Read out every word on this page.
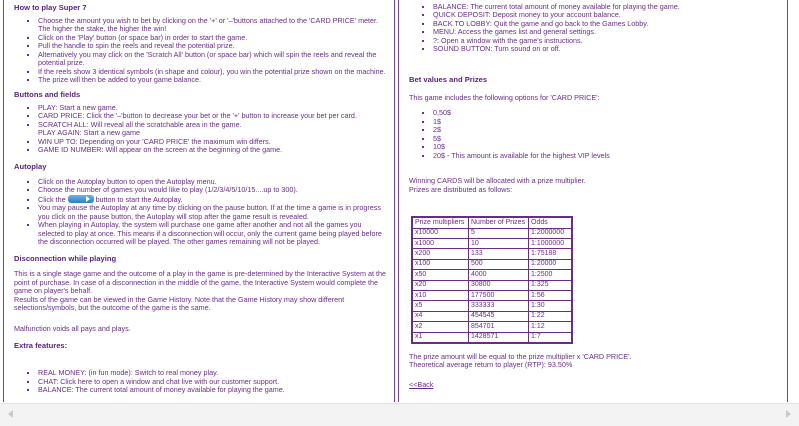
How to play Super 7
▪ Choose the amount you wish to bet by clicking on the '+' or '–'buttons attached to the 'CARD PRICE' meter.
The higher the stake, the higher the win!
▪ Click on the 'Play' button (or space bar) in order to start the game.
▪ Pull the handle to spin the reels and reveal the potential prize.
▪ Alternatively you may click on the 'Scratch All' button (or space bar) which will spin the reels and reveal the potential prize.
▪ If the reels show 3 identical symbols (in shape and colour), you win the potential prize shown on the machine.
▪ The prize will then be added to your game balance.
Buttons and fields
▪ PLAY: Start a new game.
▪ CARD PRICE: Click the '–'button to decrease your bet or the '+' button to increase your bet per card.
▪ SCRATCH ALL: Will reveal all the scratchable area in the game.
PLAY AGAIN: Start a new game
▪ WIN UP TO: Depending on your 'CARD PRICE' the maximum win differs.
▪ GAME ID NUMBER: Will appear on the screen at the beginning of the game.
Autoplay
▪ Click on the Autoplay button to open the Autoplay menu.
▪ Choose the number of games you would like to play (1/2/3/4/5/10/15....up to 300).
▪ Click the	button to start the Autoplay.
▪ You may pause the Autoplay at any time by clicking on the pause button. If at the time a game is in progress you click on the pause button, the Autoplay will stop after the game result is revealed.
▪ When playing in Autoplay, the system will purchase one game after another and not all the games you selected to play at once. This means if a disconnection will occur, only the current game being played before the disconnection occurred will be played. The other games remaining will not be played.
Disconnection while playing

This is a single stage game and the outcome of a play in the game is pre-determined by the Interactive System at the point of purchase. In case of a disconnection in the middle of the game, the Interactive System would complete the game on player's behalf.

Results of the game can be viewed in the Game History. Note that the Game History may show different selections/symbols, but the outcome of the game is the same.

Malfunction voids all pays and plays.

Extra features:
▪ REAL MONEY: (in fun mode): Switch to real money play.
▪ CHAT: Click here to open a window and chat live with our customer support.
▪ BALANCE: The current total amount of money available for playing the game.
▪ BALANCE: The current total amount of money available for playing the game.
▪ QUICK DEPOSIT: Deposit money to your account balance.
▪ BACK TO LOBBY: Quit the game and go back to the Games Lobby.
▪ MENU: Access the games list and general settings.
▪ ?: Open a window with the game's instructions.
▪ SOUND BUTTON: Turn sound on or off.
Bet values and Prizes

This game includes the following options for 'CARD PRICE':

▪ 0,50$
▪ 1$
▪ 2$
▪ 5$
▪ 10$
▪ 20$ - This amount is available for the highest VIP levels

Winning CARDS will be allocated with a prize multiplier.

Prizes are distributed as follows:

Prize multipliers	Number of Prizes	Odds
x10000	5	1:2000000
x1000	10	1:1000000
x200	133	1:75188
x100	500	1:20000
x50	4000	1:2500
x20	30800	1:325
x10	177500	1:56
x5	333333	1:30
x4	454545	1:22
x2	854701	1:12
x1	1428571	1:7

The prize amount will be equal to the prize multiplier x 'CARD PRICE'.

Theoretical average return to player (RTP): 93.50%

<<Back
